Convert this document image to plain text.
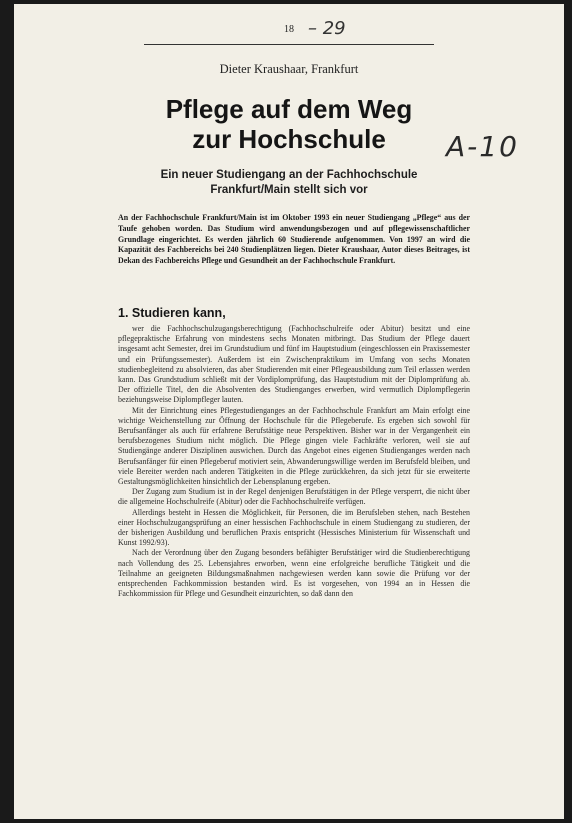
18 – 29
Dieter Kraushaar, Frankfurt
Pflege auf dem Weg
zur Hochschule	A-10
Ein neuer Studiengang an der Fachhochschule
Frankfurt/Main stellt sich vor
An der Fachhochschule Frankfurt/Main ist im Oktober 1993 ein neuer Studiengang „Pflege“ aus der Taufe gehoben worden. Das Studium wird anwendungsbezogen und auf pflegewissenschaftlicher Grundlage eingerichtet. Es werden jährlich 60 Studierende aufgenommen. Von 1997 an wird die Kapazität des Fachbereichs bei 240 Studienplätzen liegen. Dieter Kraushaar, Autor dieses Beitrages, ist Dekan des Fachbereichs Pflege und Gesundheit an der Fachhochschule Frankfurt.
1. Studieren kann,

wer die Fachhochschulzugangsberechtigung (Fachhochschulreife oder Abitur) besitzt und eine pflegepraktische Erfahrung von mindestens sechs Monaten mitbringt. Das Studium der Pflege dauert insgesamt acht Semester, drei im Grundstudium und fünf im Hauptstudium (eingeschlossen ein Praxissemester und ein Prüfungssemester). Außerdem ist ein Zwischenpraktikum im Umfang von sechs Monaten studienbegleitend zu absolvieren, das aber Studierenden mit einer Pflegeausbildung zum Teil erlassen werden kann. Das Grundstudium schließt mit der Vordiplomprüfung, das Hauptstudium mit der Diplomprüfung ab. Der offizielle Titel, den die Absolventen des Studienganges erwerben, wird vermutlich Diplompflegerin beziehungsweise Diplompfleger lauten.

Mit der Einrichtung eines Pflegestudienganges an der Fachhochschule Frankfurt am Main erfolgt eine wichtige Weichenstellung zur Öffnung der Hochschule für die Pflegeberufe. Es ergeben sich sowohl für Berufsanfänger als auch für erfahrene Berufstätige neue Perspektiven. Bisher war in der Vergangenheit ein berufsbezogenes Studium nicht möglich. Die Pflege gingen viele Fachkräfte verloren, weil sie auf Studiengänge anderer Disziplinen auswichen. Durch das Angebot eines eigenen Studienganges werden nach Berufsanfänger für einen Pflegeberuf motiviert sein, Abwanderungswillige werden im Berufsfeld bleiben, und viele Bereiter werden nach anderen Tätigkeiten in die Pflege zurückkehren, da sich jetzt für sie erweiterte Gestaltungsmöglichkeiten hinsichtlich der Lebensplanung ergeben.

Der Zugang zum Studium ist in der Regel denjenigen Berufstätigen in der Pflege versperrt, die nicht über die allgemeine Hochschulreife (Abitur) oder die Fachhochschulreife verfügen.

Allerdings besteht in Hessen die Möglichkeit, für Personen, die im Berufsleben stehen, nach Bestehen einer Hochschulzugangsprüfung an einer hessischen Fachhochschule in einem Studiengang zu studieren, der der bisherigen Ausbildung und beruflichen Praxis entspricht (Hessisches Ministerium für Wissenschaft und Kunst 1992/93).

Nach der Verordnung über den Zugang besonders befähigter Berufstätiger wird die Studienberechtigung nach Vollendung des 25. Lebensjahres erworben, wenn eine erfolgreiche berufliche Tätigkeit und die Teilnahme an geeigneten Bildungsmaßnahmen nachgewiesen werden kann sowie die Prüfung vor der entsprechenden Fachkommission bestanden wird. Es ist vorgesehen, von 1994 an in Hessen die Fachkommission für Pflege und Gesundheit einzurichten, so daß dann den
